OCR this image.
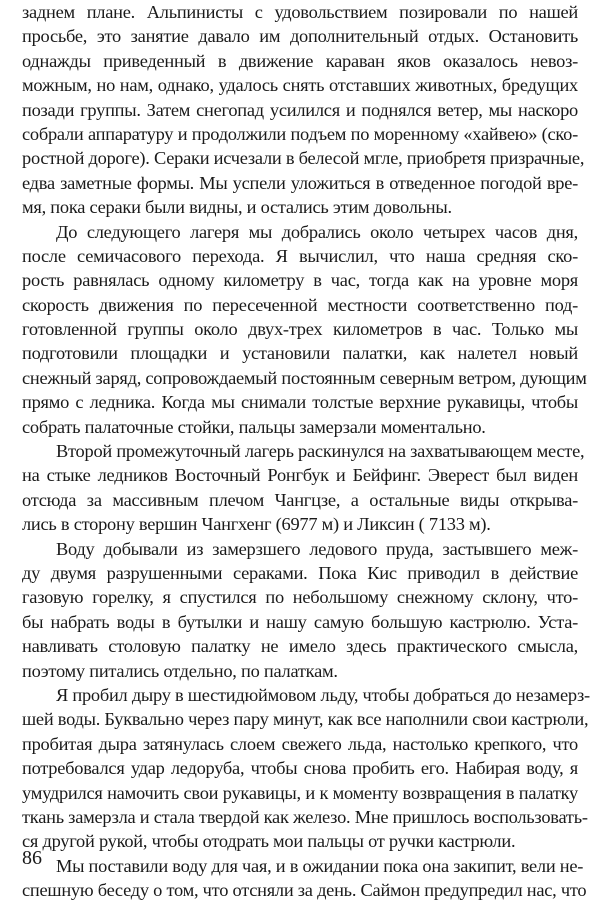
заднем плане. Альпинисты с удовольствием позировали по нашей
просьбе, это занятие давало им дополнительный отдых. Остановить
однажды приведенный в движение караван яков оказалось невоз-
можным, но нам, однако, удалось снять отставших животных, бредущих
позади группы. Затем снегопад усилился и поднялся ветер, мы наскоро
собрали аппаратуру и продолжили подъем по моренному «хайвею» (ско-
ростной дороге). Сераки исчезали в белесой мгле, приобретя призрачные,
едва заметные формы. Мы успели уложиться в отведенное погодой вре-
мя, пока сераки были видны, и остались этим довольны.
До следующего лагеря мы добрались около четырех часов дня,
после семичасового перехода. Я вычислил, что наша средняя ско-
рость равнялась одному километру в час, тогда как на уровне моря
скорость движения по пересеченной местности соответственно под-
готовленной группы около двух-трех километров в час. Только мы
подготовили площадки и установили палатки, как налетел новый
снежный заряд, сопровождаемый постоянным северным ветром, дующим
прямо с ледника. Когда мы снимали толстые верхние рукавицы, чтобы
собрать палаточные стойки, пальцы замерзали моментально.
Второй промежуточный лагерь раскинулся на захватывающем месте,
на стыке ледников Восточный Ронгбук и Бейфинг. Эверест был виден
отсюда за массивным плечом Чангцзе, а остальные виды открыва-
лись в сторону вершин Чангхенг (6977 м) и Ликсин ( 7133 м).
Воду добывали из замерзшего ледового пруда, застывшего меж-
ду двумя разрушенными сераками. Пока Кис приводил в действие
газовую горелку, я спустился по небольшому снежному склону, что-
бы набрать воды в бутылки и нашу самую большую кастрюлю. Уста-
навливать столовую палатку не имело здесь практического смысла,
поэтому питались отдельно, по палаткам.
Я пробил дыру в шестидюймовом льду, чтобы добраться до незамерз-
шей воды. Буквально через пару минут, как все наполнили свои кастрюли,
пробитая дыра затянулась слоем свежего льда, настолько крепкого, что
потребовался удар ледоруба, чтобы снова пробить его. Набирая воду, я
умудрился намочить свои рукавицы, и к моменту возвращения в палатку
ткань замерзла и стала твердой как железо. Мне пришлось воспользовать-
ся другой рукой, чтобы отодрать мои пальцы от ручки кастрюли.
Мы поставили воду для чая, и в ожидании пока она закипит, вели не-
спешную беседу о том, что отсняли за день. Саймон предупредил нас, что
86
